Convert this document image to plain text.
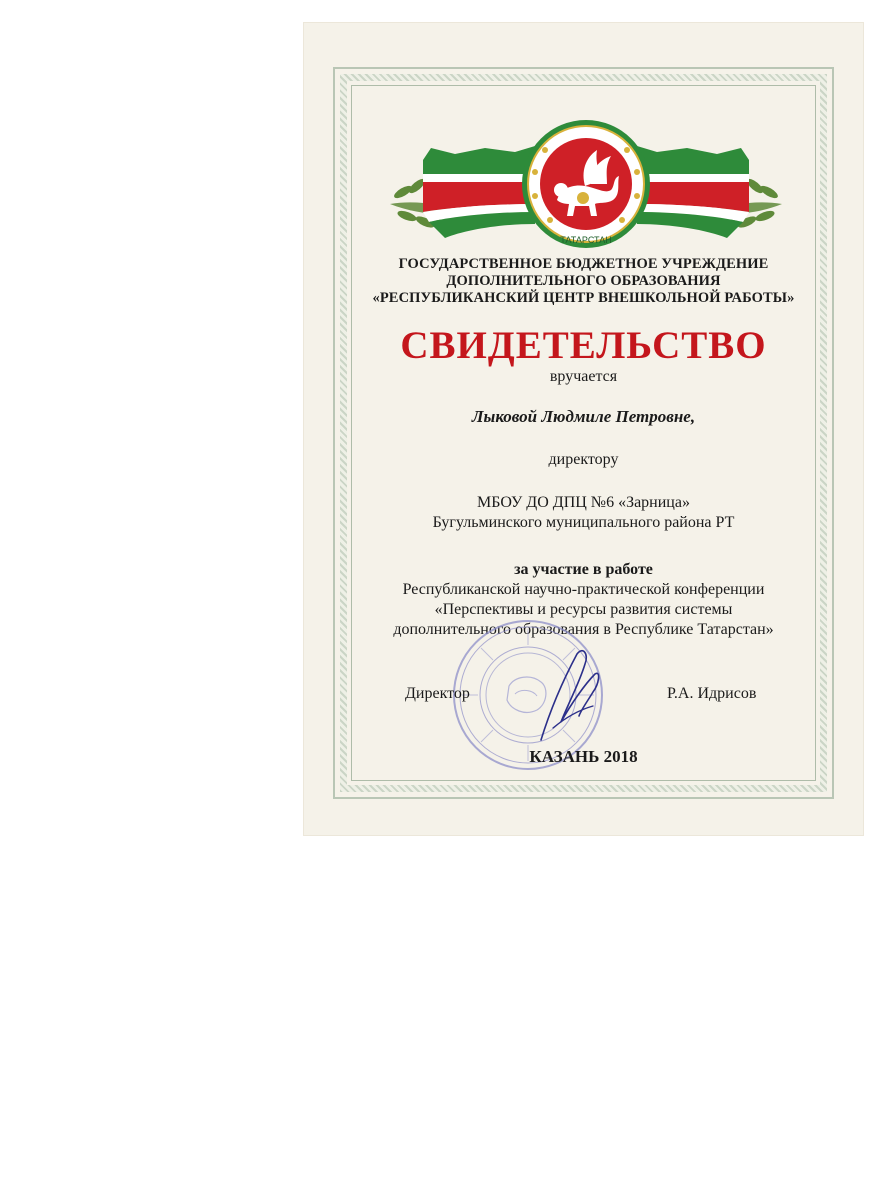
ТАТАРСТАН
ГОСУДАРСТВЕННОЕ БЮДЖЕТНОЕ УЧРЕЖДЕНИЕ
ДОПОЛНИТЕЛЬНОГО ОБРАЗОВАНИЯ
«РЕСПУБЛИКАНСКИЙ ЦЕНТР ВНЕШКОЛЬНОЙ РАБОТЫ»
СВИДЕТЕЛЬСТВО
вручается
Лыковой Людмиле Петровне,
директору
МБОУ ДО ДПЦ №6 «Зарница»
Бугульминского муниципального района РТ
за участие в работе
Республиканской научно-практической конференции
«Перспективы и ресурсы развития системы
дополнительного образования в Республике Татарстан»
Директор	Р.А. Идрисов
КАЗАНЬ 2018
